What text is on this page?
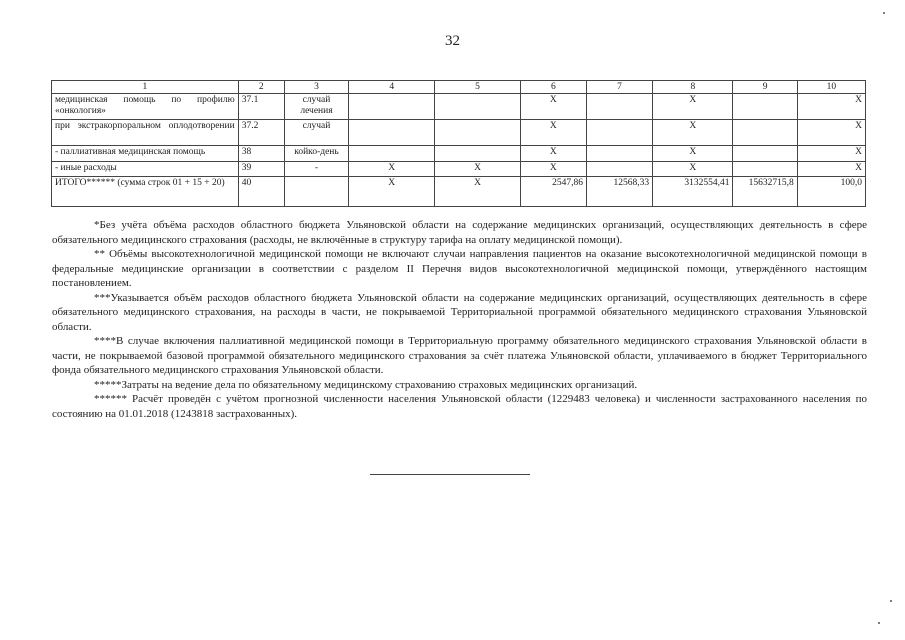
32
1	2	3	4	5	6	7	8	9	10
медицинская помощь по профилю «онкология»	37.1	случай лечения			X		X		X
при экстракорпоральном оплодотворении	37.2	случай			X		X		X
- паллиативная медицинская помощь	38	койко-день			X		X		X
- иные расходы	39	-	X	X	X		X		X
ИТОГО****** (сумма строк 01 + 15 + 20)	40		X	X	2547,86	12568,33	3132554,41	15632715,8	100,0

*Без учёта объёма расходов областного бюджета Ульяновской области на содержание медицинских организаций, осуществляющих деятельность в сфере обязательного медицинского страхования (расходы, не включённые в структуру тарифа на оплату медицинской помощи).

** Объёмы высокотехнологичной медицинской помощи не включают случаи направления пациентов на оказание высокотехнологичной медицинской помощи в федеральные медицинские организации в соответствии с разделом II Перечня видов высокотехнологичной медицинской помощи, утверждённого настоящим постановлением.

***Указывается объём расходов областного бюджета Ульяновской области на содержание медицинских организаций, осуществляющих деятельность в сфере обязательного медицинского страхования, на расходы в части, не покрываемой Территориальной программой обязательного медицинского страхования Ульяновской области.

****В случае включения паллиативной медицинской помощи в Территориальную программу обязательного медицинского страхования Ульяновской области в части, не покрываемой базовой программой обязательного медицинского страхования за счёт платежа Ульяновской области, уплачиваемого в бюджет Территориального фонда обязательного медицинского страхования Ульяновской области.

*****Затраты на ведение дела по обязательному медицинскому страхованию страховых медицинских организаций.

****** Расчёт проведён с учётом прогнозной численности населения Ульяновской области (1229483 человека) и численности застрахованного населения по состоянию на 01.01.2018 (1243818 застрахованных).
